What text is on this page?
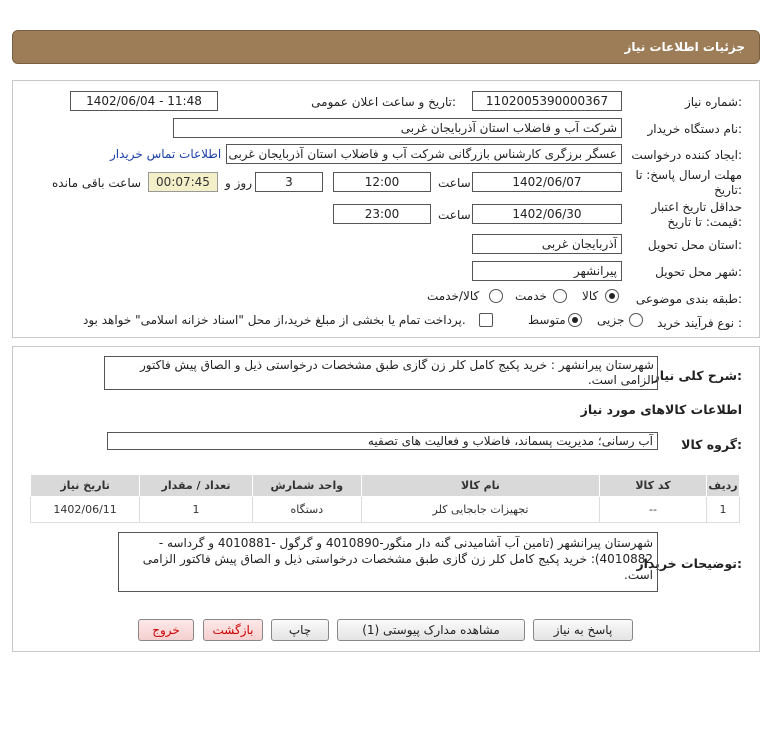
جزئیات اطلاعات نیاز
شماره نیاز:
1102005390000367
تاریخ و ساعت اعلان عمومی:
1402/06/04 - 11:48
نام دستگاه خریدار:
شرکت آب و فاضلاب استان آذربایجان غربی
ایجاد کننده درخواست:
عسگر برزگری کارشناس بازرگانی شرکت آب و فاضلاب استان آذربایجان غربی
اطلاعات تماس خریدار
مهلت ارسال پاسخ: تا
تاریخ:
1402/06/07
ساعت
12:00
3
روز و
00:07:45
ساعت باقی مانده
حداقل تاریخ اعتبار
قیمت: تا تاریخ:
1402/06/30
ساعت
23:00
استان محل تحویل:
آذربایجان غربی
شهر محل تحویل:
پیرانشهر
طبقه بندی موضوعی:
کالا
خدمت
کالا/خدمت
نوع فرآیند خرید :
جزیی
متوسط
پرداخت تمام یا بخشی از مبلغ خرید،از محل "اسناد خزانه اسلامی" خواهد بود.
شرح کلی نیاز:
شهرستان پیرانشهر : خرید پکیج کامل کلر زن گازی طبق مشخصات درخواستی ذیل و الصاق پیش فاکتور الزامی است.
اطلاعات کالاهای مورد نیاز
گروه کالا:
آب رسانی؛ مدیریت پسماند، فاضلاب و فعالیت های تصفیه
ردیف	کد کالا	نام کالا	واحد شمارش	تعداد / مقدار	تاریخ نیاز
1	--	تجهیزات جابجایی کلر	دستگاه	1	1402/06/11
توضیحات خریدار:
شهرستان پیرانشهر (تامین آب آشامیدنی گنه دار منگور-4010890 و گرگول -4010881 و گرداسه - 4010882): خرید پکیج کامل کلر زن گازی طبق مشخصات درخواستی ذیل و الصاق پیش فاکتور الزامی است.
پاسخ به نیاز
مشاهده مدارک پیوستی (1)
چاپ
بازگشت
خروج
